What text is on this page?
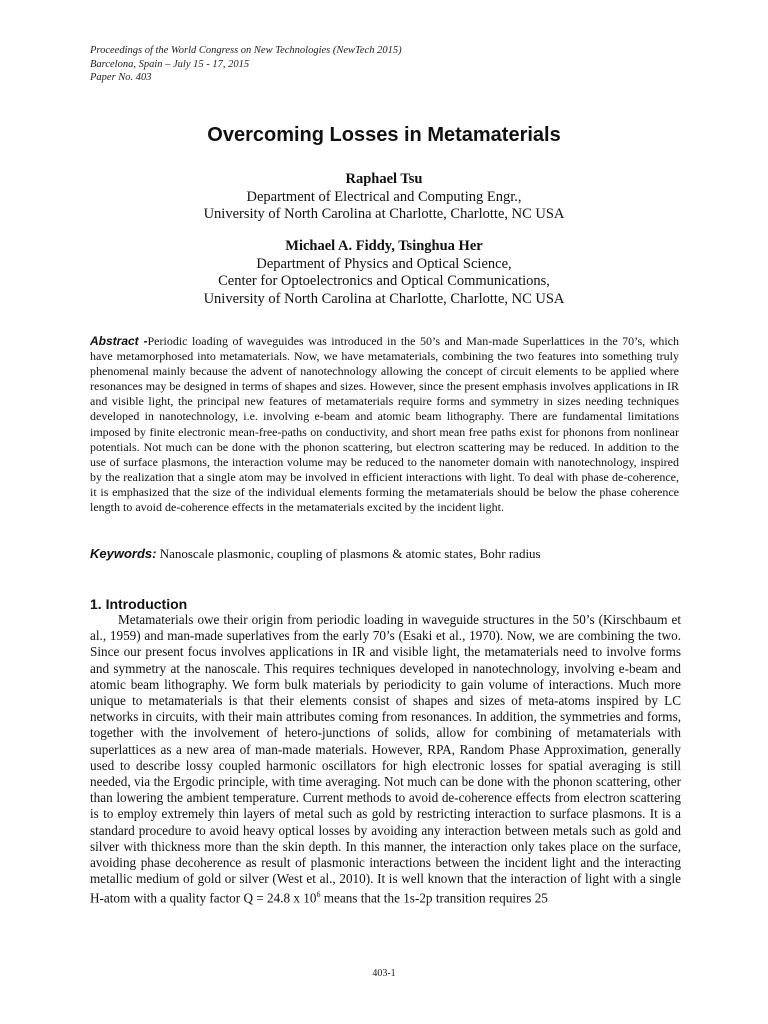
Proceedings of the World Congress on New Technologies (NewTech 2015)
Barcelona, Spain – July 15 - 17, 2015
Paper No. 403
Overcoming Losses in Metamaterials
Raphael Tsu
Department of Electrical and Computing Engr.,
University of North Carolina at Charlotte, Charlotte, NC USA
Michael A. Fiddy, Tsinghua Her
Department of Physics and Optical Science,
Center for Optoelectronics and Optical Communications,
University of North Carolina at Charlotte, Charlotte, NC USA
Abstract -Periodic loading of waveguides was introduced in the 50’s and Man-made Superlattices in the 70’s, which have metamorphosed into metamaterials. Now, we have metamaterials, combining the two features into something truly phenomenal mainly because the advent of nanotechnology allowing the concept of circuit elements to be applied where resonances may be designed in terms of shapes and sizes. However, since the present emphasis involves applications in IR and visible light, the principal new features of metamaterials require forms and symmetry in sizes needing techniques developed in nanotechnology, i.e. involving e-beam and atomic beam lithography. There are fundamental limitations imposed by finite electronic mean-free-paths on conductivity, and short mean free paths exist for phonons from nonlinear potentials. Not much can be done with the phonon scattering, but electron scattering may be reduced. In addition to the use of surface plasmons, the interaction volume may be reduced to the nanometer domain with nanotechnology, inspired by the realization that a single atom may be involved in efficient interactions with light. To deal with phase de-coherence, it is emphasized that the size of the individual elements forming the metamaterials should be below the phase coherence length to avoid de-coherence effects in the metamaterials excited by the incident light.
Keywords: Nanoscale plasmonic, coupling of plasmons & atomic states, Bohr radius
1. Introduction
Metamaterials owe their origin from periodic loading in waveguide structures in the 50’s (Kirschbaum et al., 1959) and man-made superlatives from the early 70’s (Esaki et al., 1970). Now, we are combining the two. Since our present focus involves applications in IR and visible light, the metamaterials need to involve forms and symmetry at the nanoscale. This requires techniques developed in nanotechnology, involving e-beam and atomic beam lithography. We form bulk materials by periodicity to gain volume of interactions. Much more unique to metamaterials is that their elements consist of shapes and sizes of meta-atoms inspired by LC networks in circuits, with their main attributes coming from resonances. In addition, the symmetries and forms, together with the involvement of hetero-junctions of solids, allow for combining of metamaterials with superlattices as a new area of man-made materials. However, RPA, Random Phase Approximation, generally used to describe lossy coupled harmonic oscillators for high electronic losses for spatial averaging is still needed, via the Ergodic principle, with time averaging. Not much can be done with the phonon scattering, other than lowering the ambient temperature. Current methods to avoid de-coherence effects from electron scattering is to employ extremely thin layers of metal such as gold by restricting interaction to surface plasmons. It is a standard procedure to avoid heavy optical losses by avoiding any interaction between metals such as gold and silver with thickness more than the skin depth. In this manner, the interaction only takes place on the surface, avoiding phase decoherence as result of plasmonic interactions between the incident light and the interacting metallic medium of gold or silver (West et al., 2010). It is well known that the interaction of light with a single H-atom with a quality factor Q = 24.8 x $10^6$ means that the 1s-2p transition requires 25
403-1
